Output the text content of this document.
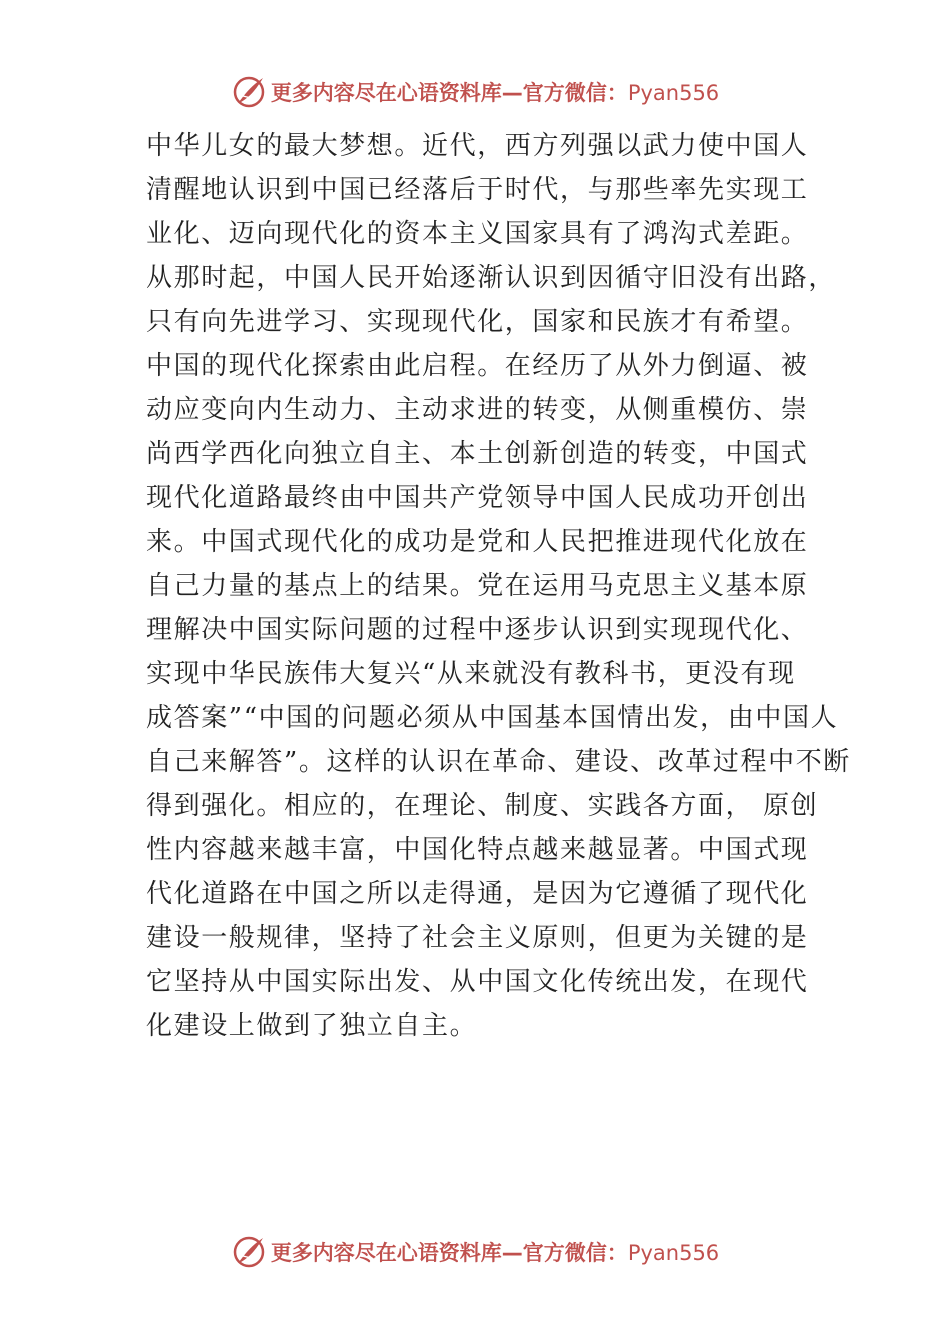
更多内容尽在心语资料库—官方微信：Pyan556
中华儿女的最大梦想。近代，西方列强以武力使中国人
清醒地认识到中国已经落后于时代，与那些率先实现工
业化、迈向现代化的资本主义国家具有了鸿沟式差距。
从那时起，中国人民开始逐渐认识到因循守旧没有出路，
只有向先进学习、实现现代化，国家和民族才有希望。
中国的现代化探索由此启程。在经历了从外力倒逼、被
动应变向内生动力、主动求进的转变，从侧重模仿、崇
尚西学西化向独立自主、本土创新创造的转变，中国式
现代化道路最终由中国共产党领导中国人民成功开创出
来。中国式现代化的成功是党和人民把推进现代化放在
自己力量的基点上的结果。党在运用马克思主义基本原
理解决中国实际问题的过程中逐步认识到实现现代化、
实现中华民族伟大复兴“从来就没有教科书，更没有现
成答案”“中国的问题必须从中国基本国情出发，由中国人
自己来解答”。这样的认识在革命、建设、改革过程中不断
得到强化。相应的，在理论、制度、实践各方面， 原创
性内容越来越丰富，中国化特点越来越显著。中国式现
代化道路在中国之所以走得通，是因为它遵循了现代化
建设一般规律，坚持了社会主义原则，但更为关键的是
它坚持从中国实际出发、从中国文化传统出发，在现代
化建设上做到了独立自主。
更多内容尽在心语资料库—官方微信：Pyan556
